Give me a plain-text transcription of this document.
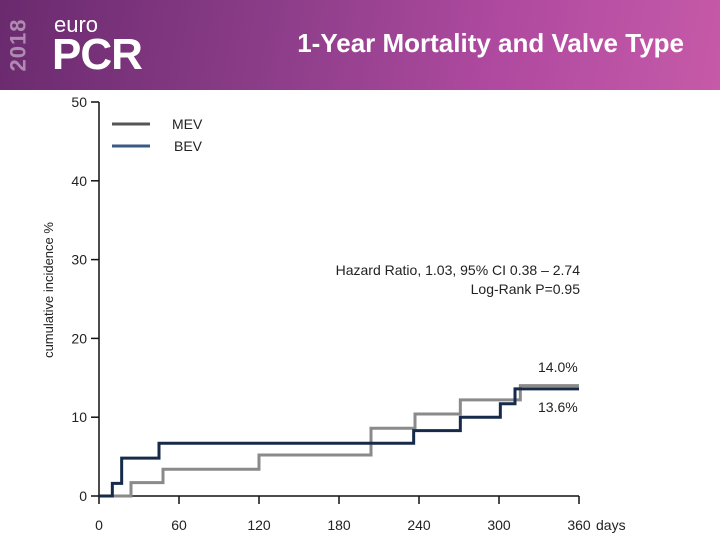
2018 euro
PCR	1-Year Mortality and Valve Type
cumulative incidence %
days
MEV
BEV
Hazard Ratio, 1.03, 95% CI 0.38 – 2.74
Log-Rank P=0.95
14.0%
13.6%
0
10
20
30
40
50
0	60	120	180	240	300	360
